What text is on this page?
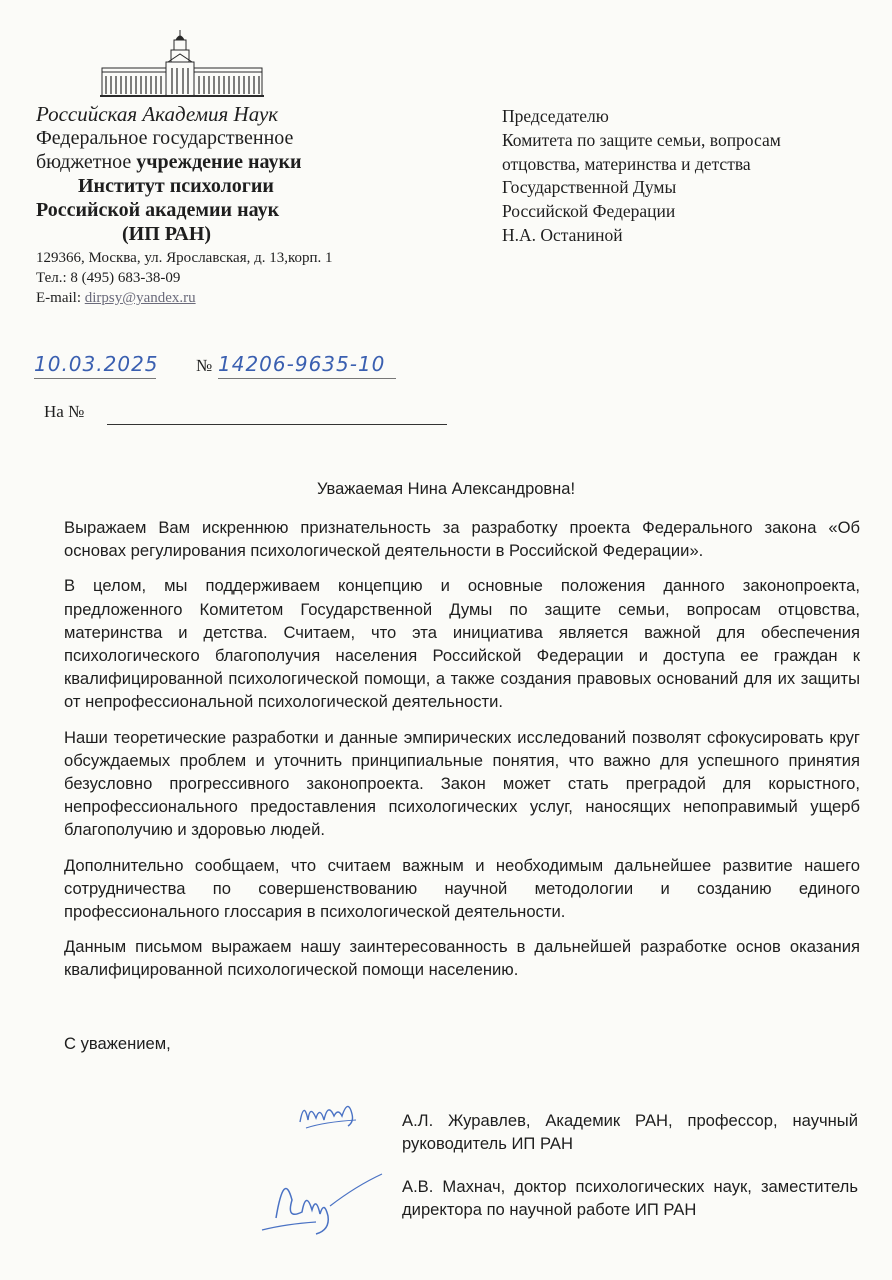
Российская Академия Наук
Федеральное государственное
бюджетное учреждение науки
Институт психологии
Российской академии наук
(ИП РАН)
129366, Москва, ул. Ярославская, д. 13,корп. 1
Тел.: 8 (495) 683-38-09
E-mail: dirpsy@yandex.ru
Председателю
Комитета по защите семьи, вопросам
отцовства, материнства и детства
Государственной Думы
Российской Федерации
Н.А. Останиной
10.03.2025 № 14206-9635-10
На №
Уважаемая Нина Александровна!

Выражаем Вам искреннюю признательность за разработку проекта Федерального закона «Об основах регулирования психологической деятельности в Российской Федерации».

В целом, мы поддерживаем концепцию и основные положения данного законопроекта, предложенного Комитетом Государственной Думы по защите семьи, вопросам отцовства, материнства и детства. Считаем, что эта инициатива является важной для обеспечения психологического благополучия населения Российской Федерации и доступа ее граждан к квалифицированной психологической помощи, а также создания правовых оснований для их защиты от непрофессиональной психологической деятельности.

Наши теоретические разработки и данные эмпирических исследований позволят сфокусировать круг обсуждаемых проблем и уточнить принципиальные понятия, что важно для успешного принятия безусловно прогрессивного законопроекта. Закон может стать преградой для корыстного, непрофессионального предоставления психологических услуг, наносящих непоправимый ущерб благополучию и здоровью людей.

Дополнительно сообщаем, что считаем важным и необходимым дальнейшее развитие нашего сотрудничества по совершенствованию научной методологии и созданию единого профессионального глоссария в психологической деятельности.

Данным письмом выражаем нашу заинтересованность в дальнейшей разработке основ оказания квалифицированной психологической помощи населению.

С уважением,
А.Л. Журавлев, Академик РАН, профессор, научный руководитель ИП РАН
А.В. Махнач, доктор психологических наук, заместитель директора по научной работе ИП РАН
